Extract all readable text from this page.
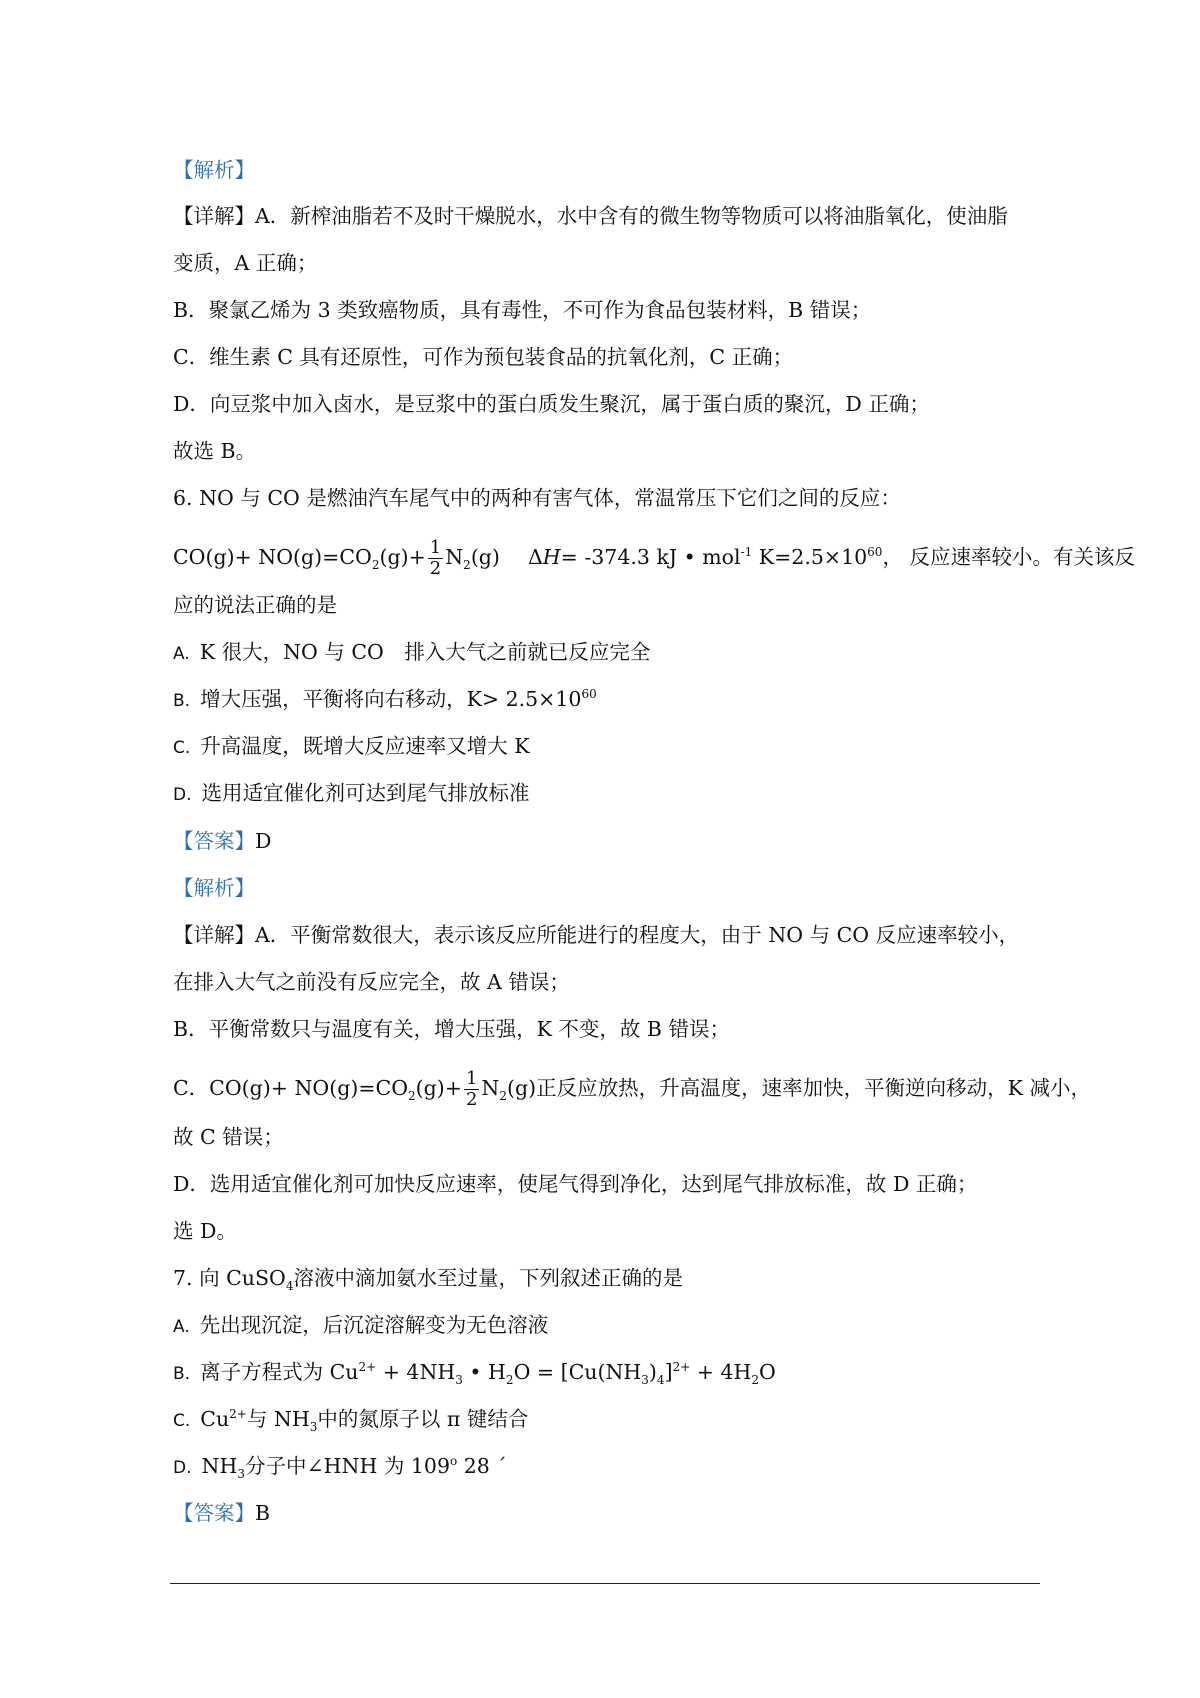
【解析】
【详解】A．新榨油脂若不及时干燥脱水，水中含有的微生物等物质可以将油脂氧化，使油脂
变质，A 正确；
B．聚氯乙烯为 3 类致癌物质，具有毒性，不可作为食品包装材料，B 错误；
C．维生素 C 具有还原性，可作为预包装食品的抗氧化剂，C 正确；
D．向豆浆中加入卤水，是豆浆中的蛋白质发生聚沉，属于蛋白质的聚沉，D 正确；
故选 B。
6. NO 与 CO 是燃油汽车尾气中的两种有害气体，常温常压下它们之间的反应：
$CO(g)+ NO(g)=CO_2(g)+ \frac{1}{2} N_2(g)$ ΔH= -374.3 kJ • mol$^{-1}$ $K=2.5\times 10^{60}$， 反应速率较小。有关该反
应的说法正确的是
A. K 很大，NO 与 CO　排入大气之前就已反应完全
B. 增大压强，平衡将向右移动，$K> 2.5\times 10^{60}$
C. 升高温度，既增大反应速率又增大 K
D. 选用适宜催化剂可达到尾气排放标准
【答案】D
【解析】
【详解】A．平衡常数很大，表示该反应所能进行的程度大，由于 NO 与 CO 反应速率较小，
在排入大气之前没有反应完全，故 A 错误；
B．平衡常数只与温度有关，增大压强，K 不变，故 B 错误；
C．$CO(g)+ NO(g)=CO_2(g)+ \frac{1}{2} N_2(g)$正反应放热，升高温度，速率加快，平衡逆向移动，K 减小，
故 C 错误；
D．选用适宜催化剂可加快反应速率，使尾气得到净化，达到尾气排放标准，故 D 正确；
选 D。
7. 向 CuSO$_4$溶液中滴加氨水至过量，下列叙述正确的是
A. 先出现沉淀，后沉淀溶解变为无色溶液
B. 离子方程式为 $Cu^{2+} + 4NH_3$ • $H_2O = [Cu(NH_3)_4]^{2+} + 4H_2O$
C. $Cu^{2+}$与 $NH_3$中的氮原子以 π 键结合
D. $NH_3$分子中∠HNH 为 109$^o$ 28 ´
【答案】B
